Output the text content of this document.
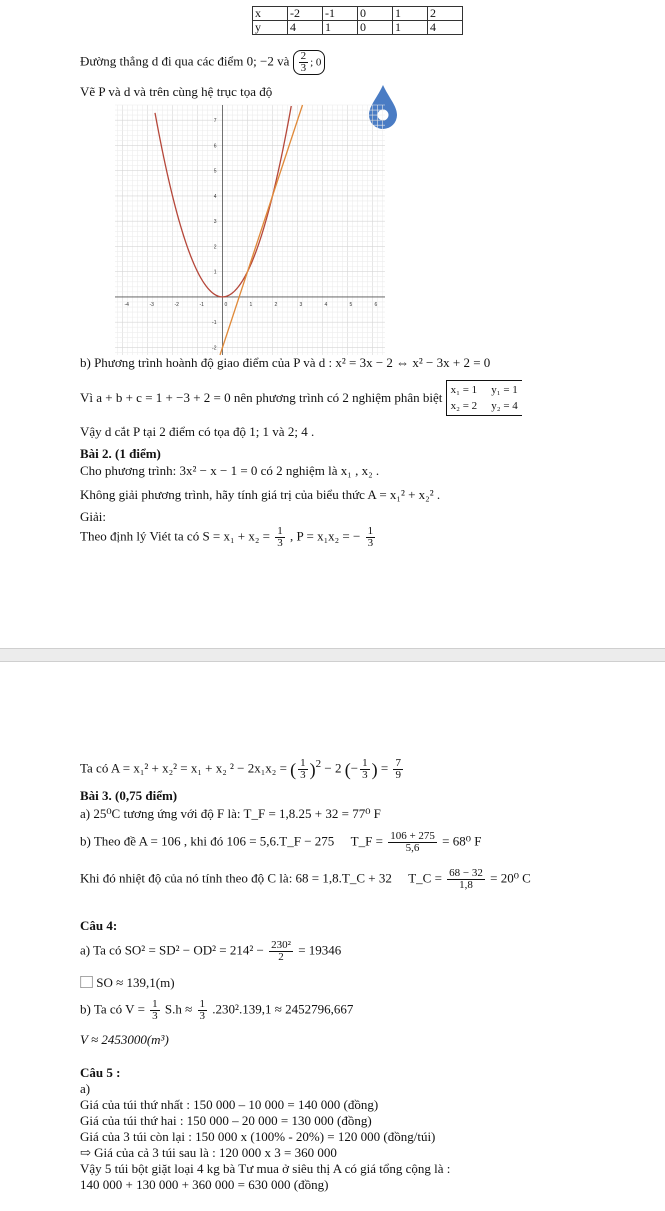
x	-2	-1	0	1	2
y	4	1	0	1	4
Đường thẳng d đi qua các điểm 0; −2 và $\frac{2}{3}$ ; 0
Vẽ P và d và trên cùng hệ trục tọa độ
-4	-3	-2	-1	0	1	2	3	4	5	6
-2
-1
1
2
3
4
5
6
7
b) Phương trình hoành độ giao điểm của P và d : x² = 3x − 2 ⇔ x² − 3x + 2 = 0
Vì a + b + c = 1 + −3 + 2 = 0 nên phương trình có 2 nghiệm phân biệt x₁ = 1 ⃞ y₁ = 1
x₂ = 2 ⃞ y₂ = 4
Vậy d cắt P tại 2 điểm có tọa độ 1; 1 và 2; 4 .
Bài 2. (1 điểm)
Cho phương trình: 3x² − x − 1 = 0 có 2 nghiệm là x₁ , x₂ .
Không giải phương trình, hãy tính giá trị của biểu thức A = x₁² + x₂² .
Giải:
Theo định lý Viét ta có $S = x_1 + x_2 = \frac{1}{3}$ , P = x₁x₂ = − $\frac{1}{3}$
Ta có A = x₁² + x₂² = x₁ + x₂ ² − 2x₁x₂ = ( $\frac{1}{3} )^2 - 2$ (− $\frac{1}{3}$ ) = $\frac{7}{9}$
Bài 3. (0,75 điểm)
a) 25⁰C tương ứng với độ F là: T_F = 1,8.25 + 32 = 77⁰ F
b) Theo đề A = 106 , khi đó 106 = 5,6.T_F − 275 ⃞ T_F = $\frac{106 + 275}{5,6} = 68^0$ F
Khi đó nhiệt độ của nó tính theo độ C là: 68 = 1,8.T_C + 32 ⃞ T_C = $\frac{68 - 32}{1,8} = 20^0$ C
Câu 4:
a) Ta có $SO^2 = SD^2 - OD^2 = 214^2 - \frac{\text{230²}}{2} = 19346$
⃞ SO ≈ 139,1(m)
b) Ta có $V = \frac{1}{3} S.h \approx \frac{1}{3} .230^2.139,1 \approx 2452796,667$
V ≈ 2453000(m³)
Câu 5 :
a)
Giá của túi thứ nhất : 150 000 – 10 000 = 140 000 (đồng)
Giá của túi thứ hai : 150 000 – 20 000 = 130 000 (đồng)
Giá của 3 túi còn lại : 150 000 x (100% - 20%) = 120 000 (đồng/túi)
⇨ Giá của cả 3 túi sau là : 120 000 x 3 = 360 000
Vậy 5 túi bột giặt loại 4 kg bà Tư mua ở siêu thị A có giá tổng cộng là :
140 000 + 130 000 + 360 000 = 630 000 (đồng)
